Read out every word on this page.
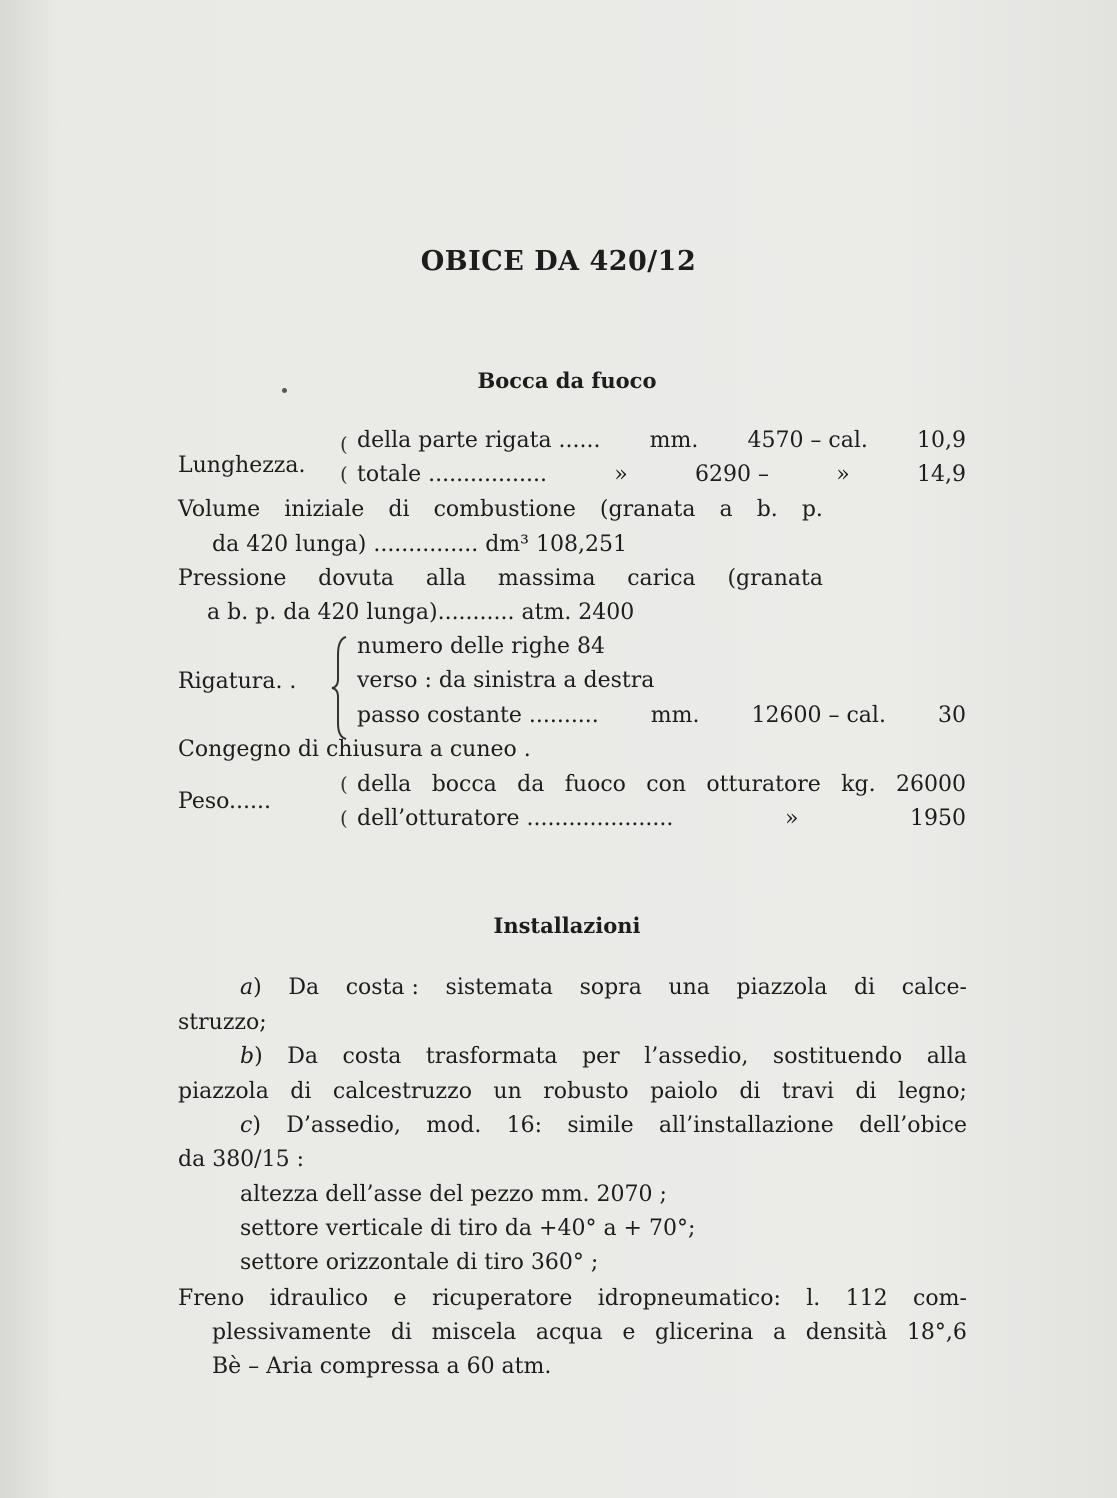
OBICE DA 420/12
Bocca da fuoco
Lunghezza.
(
(
della parte rigata ...... mm. 4570 – cal. 10,9
totale .................	»	6290 –	»	14,9
Volume iniziale di combustione (granata a b. p.
da 420 lunga) ............... dm³ 108,251
Pressione dovuta alla massima carica (granata
a b. p. da 420 lunga)........... atm. 2400
Rigatura. .
numero delle righe 84
verso : da sinistra a destra
passo costante .......... mm. 12600 – cal. 30
Congegno di chiusura a cuneo .
Peso......
(
(
della bocca da fuoco con otturatore kg. 26000
dell’otturatore .....................	»	1950
Installazioni
a) Da costa : sistemata sopra una piazzola di calce-
struzzo;
b) Da costa trasformata per l’assedio, sostituendo alla
piazzola di calcestruzzo un robusto paiolo di travi di legno;
c) D’assedio, mod. 16: simile all’installazione dell’obice
da 380/15 :
altezza dell’asse del pezzo mm. 2070 ;
settore verticale di tiro da +40° a + 70°;
settore orizzontale di tiro 360° ;
Freno idraulico e ricuperatore idropneumatico: l. 112 com-
plessivamente di miscela acqua e glicerina a densità 18°,6
Bè – Aria compressa a 60 atm.
